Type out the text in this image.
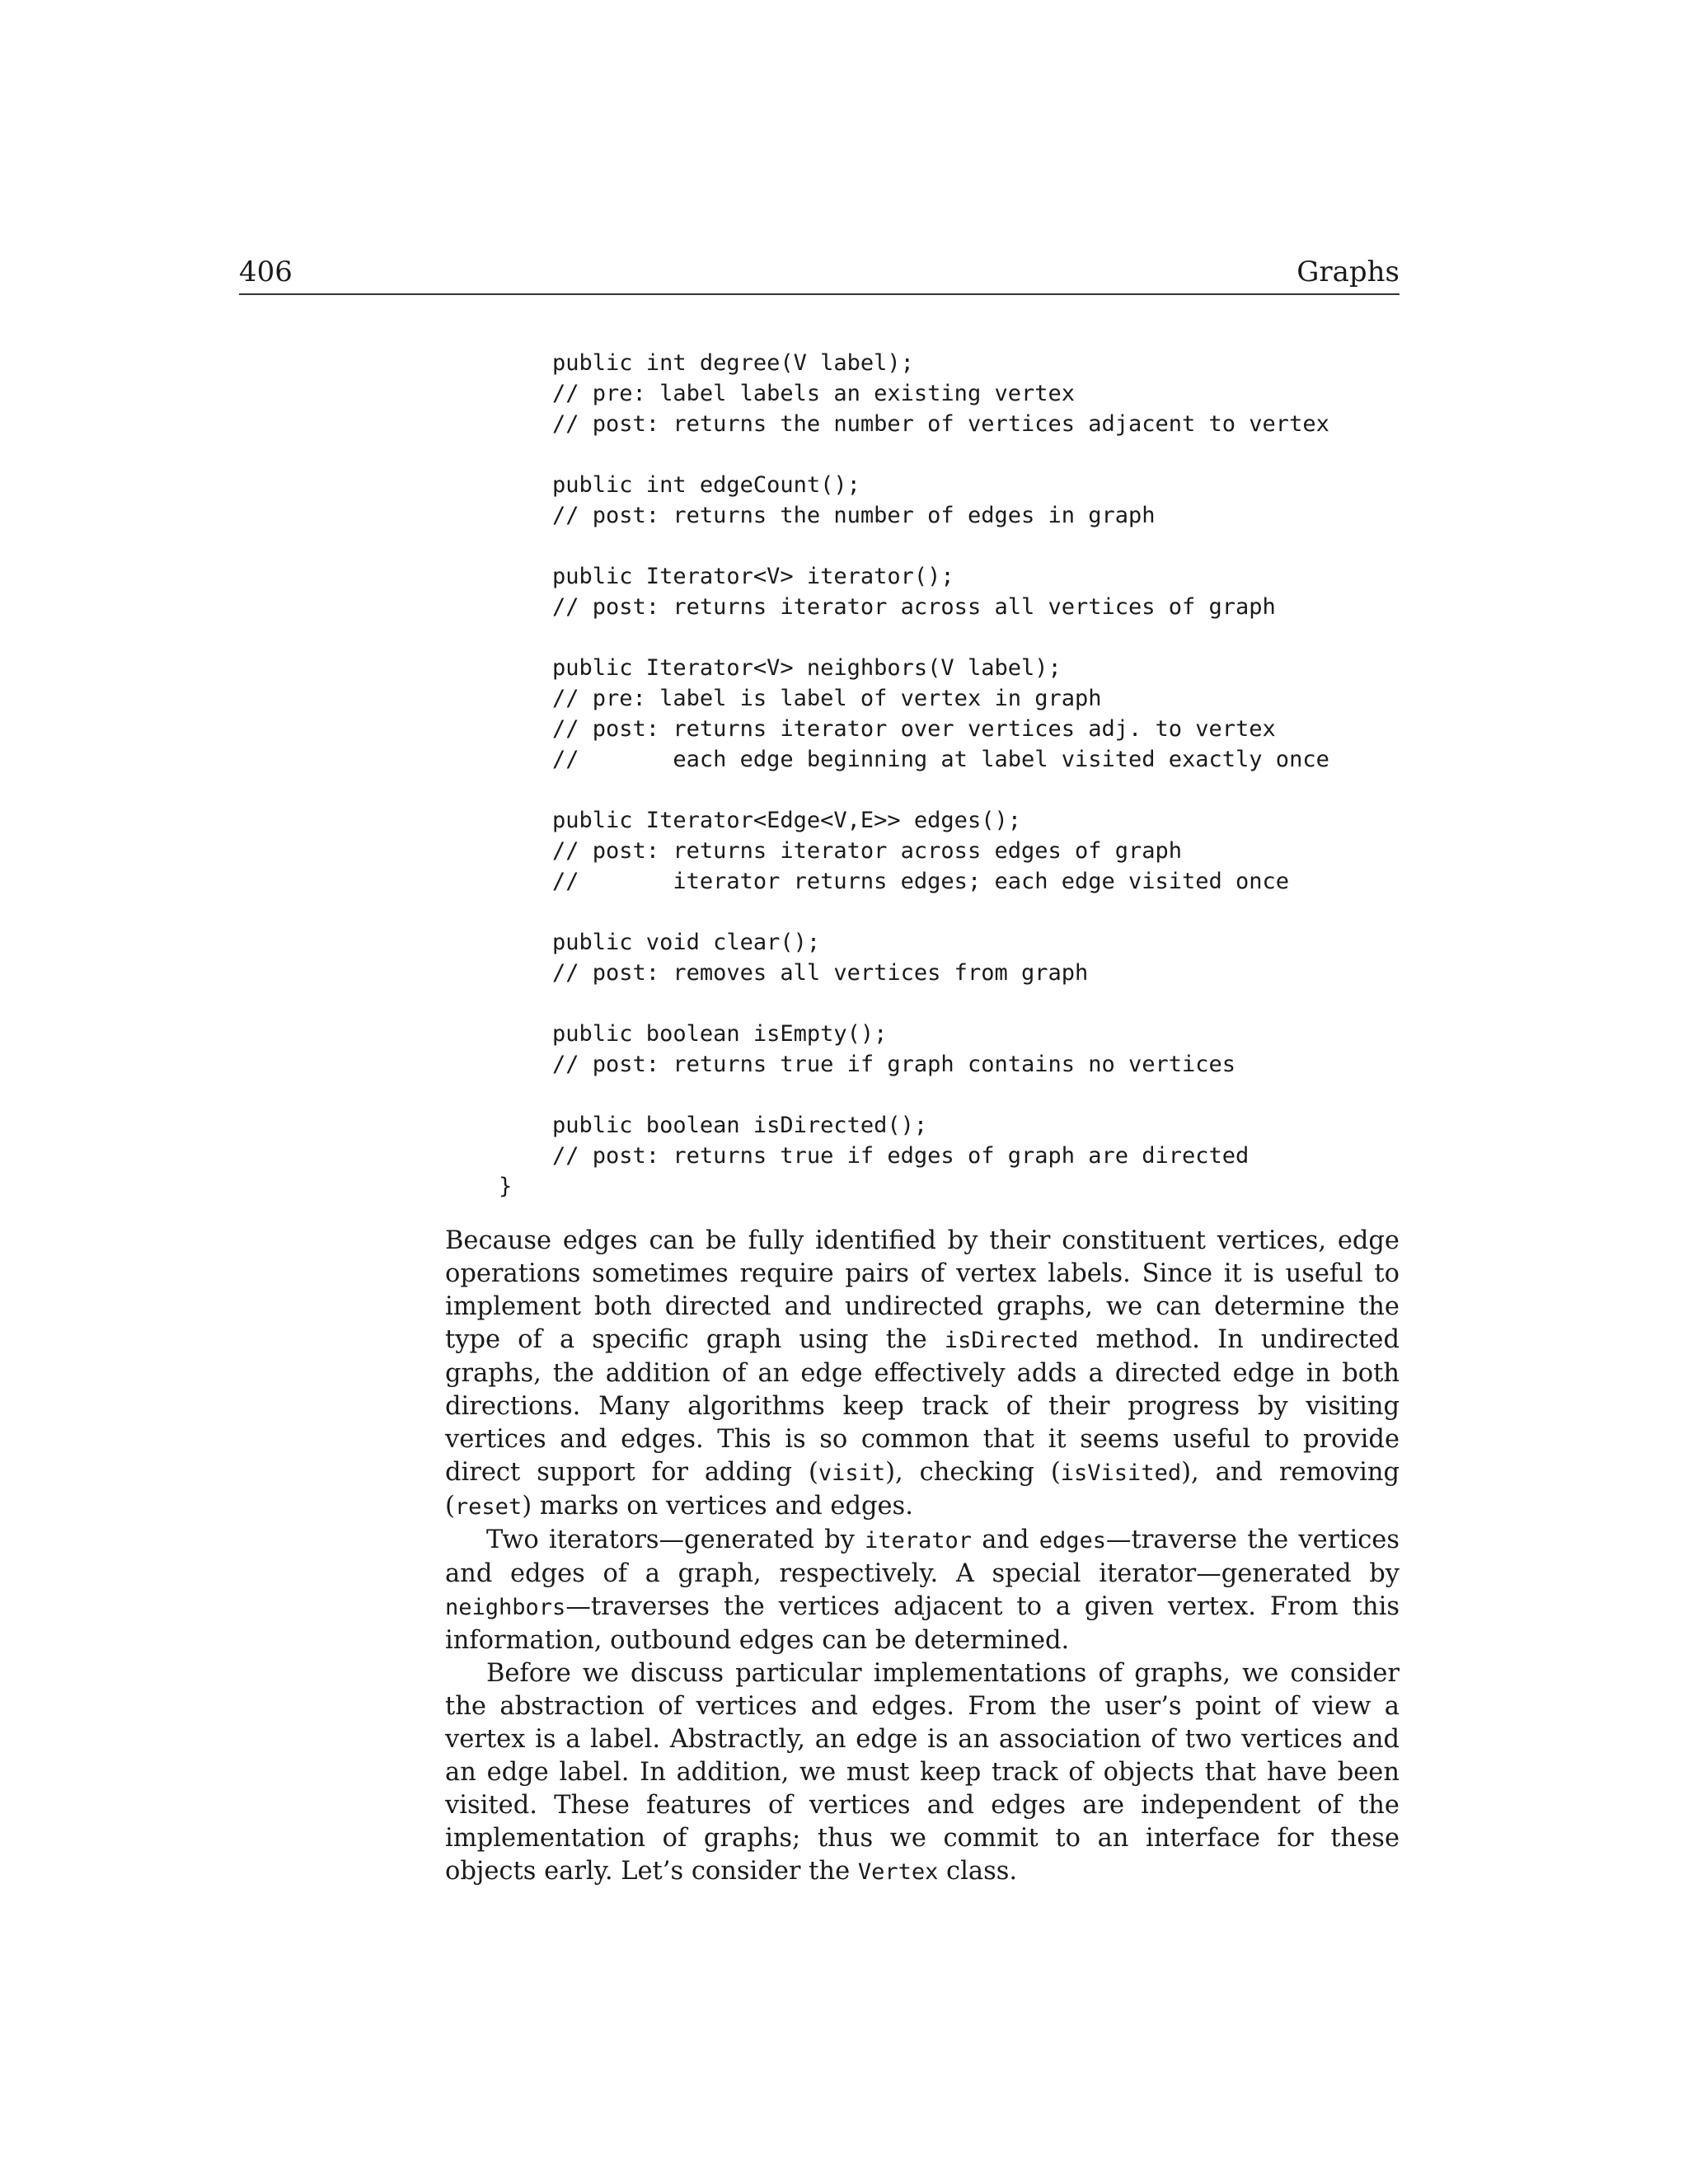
406	Graphs
public int degree(V label);
// pre: label labels an existing vertex
// post: returns the number of vertices adjacent to vertex
public int edgeCount();
// post: returns the number of edges in graph
public Iterator<V> iterator();
// post: returns iterator across all vertices of graph
public Iterator<V> neighbors(V label);
// pre: label is label of vertex in graph
// post: returns iterator over vertices adj. to vertex
//       each edge beginning at label visited exactly once
public Iterator<Edge<V,E>> edges();
// post: returns iterator across edges of graph
//       iterator returns edges; each edge visited once
public void clear();
// post: removes all vertices from graph
public boolean isEmpty();
// post: returns true if graph contains no vertices
public boolean isDirected();
// post: returns true if edges of graph are directed
}

Because edges can be fully identified by their constituent vertices, edge operations sometimes require pairs of vertex labels. Since it is useful to implement both directed and undirected graphs, we can determine the type of a specific graph using the isDirected method. In undirected graphs, the addition of an edge effectively adds a directed edge in both directions. Many algorithms keep track of their progress by visiting vertices and edges. This is so common that it seems useful to provide direct support for adding (visit), checking (isVisited), and removing (reset) marks on vertices and edges.

Two iterators—generated by iterator and edges—traverse the vertices and edges of a graph, respectively. A special iterator—generated by neighbors—traverses the vertices adjacent to a given vertex. From this information, outbound edges can be determined.

Before we discuss particular implementations of graphs, we consider the abstraction of vertices and edges. From the user’s point of view a vertex is a label. Abstractly, an edge is an association of two vertices and an edge label. In addition, we must keep track of objects that have been visited. These features of vertices and edges are independent of the implementation of graphs; thus we commit to an interface for these objects early. Let’s consider the Vertex class.
